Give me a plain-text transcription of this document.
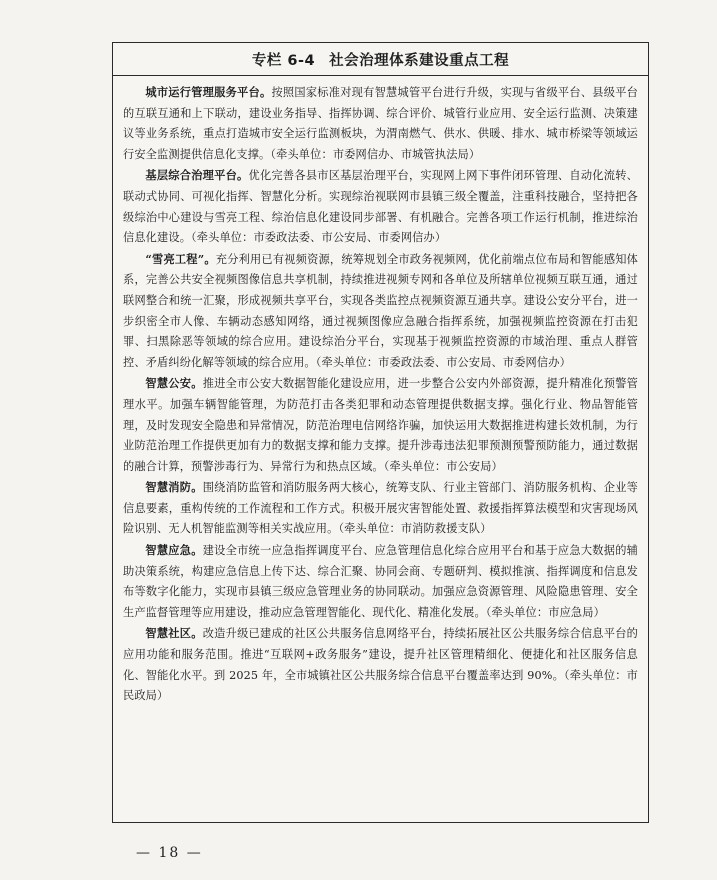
专栏 6-4 社会治理体系建设重点工程

城市运行管理服务平台。按照国家标准对现有智慧城管平台进行升级，实现与省级平台、县级平台的互联互通和上下联动，建设业务指导、指挥协调、综合评价、城管行业应用、安全运行监测、决策建议等业务系统，重点打造城市安全运行监测板块，为渭南燃气、供水、供暖、排水、城市桥梁等领域运行安全监测提供信息化支撑。（牵头单位：市委网信办、市城管执法局）

基层综合治理平台。优化完善各县市区基层治理平台，实现网上网下事件闭环管理、自动化流转、联动式协同、可视化指挥、智慧化分析。实现综治视联网市县镇三级全覆盖，注重科技融合，坚持把各级综治中心建设与雪亮工程、综治信息化建设同步部署、有机融合。完善各项工作运行机制，推进综治信息化建设。（牵头单位：市委政法委、市公安局、市委网信办）

“雪亮工程”。充分利用已有视频资源，统筹规划全市政务视频网，优化前端点位布局和智能感知体系，完善公共安全视频图像信息共享机制，持续推进视频专网和各单位及所辖单位视频互联互通，通过联网整合和统一汇聚，形成视频共享平台，实现各类监控点视频资源互通共享。建设公安分平台，进一步织密全市人像、车辆动态感知网络，通过视频图像应急融合指挥系统，加强视频监控资源在打击犯罪、扫黑除恶等领域的综合应用。建设综治分平台，实现基于视频监控资源的市域治理、重点人群管控、矛盾纠纷化解等领域的综合应用。（牵头单位：市委政法委、市公安局、市委网信办）

智慧公安。推进全市公安大数据智能化建设应用，进一步整合公安内外部资源，提升精准化预警管理水平。加强车辆智能管理，为防范打击各类犯罪和动态管理提供数据支撑。强化行业、物品智能管理，及时发现安全隐患和异常情况，防范治理电信网络诈骗，加快运用大数据推进构建长效机制，为行业防范治理工作提供更加有力的数据支撑和能力支撑。提升涉毒违法犯罪预测预警预防能力，通过数据的融合计算，预警涉毒行为、异常行为和热点区域。（牵头单位：市公安局）

智慧消防。围绕消防监管和消防服务两大核心，统筹支队、行业主管部门、消防服务机构、企业等信息要素，重构传统的工作流程和工作方式。积极开展灾害智能处置、救援指挥算法模型和灾害现场风险识别、无人机智能监测等相关实战应用。（牵头单位：市消防救援支队）

智慧应急。建设全市统一应急指挥调度平台、应急管理信息化综合应用平台和基于应急大数据的辅助决策系统，构建应急信息上传下达、综合汇聚、协同会商、专题研判、模拟推演、指挥调度和信息发布等数字化能力，实现市县镇三级应急管理业务的协同联动。加强应急资源管理、风险隐患管理、安全生产监督管理等应用建设，推动应急管理智能化、现代化、精准化发展。（牵头单位：市应急局）

智慧社区。改造升级已建成的社区公共服务信息网络平台，持续拓展社区公共服务综合信息平台的应用功能和服务范围。推进“互联网+政务服务”建设，提升社区管理精细化、便捷化和社区服务信息化、智能化水平。到 2025 年，全市城镇社区公共服务综合信息平台覆盖率达到 90%。（牵头单位：市民政局）

— 18 —
